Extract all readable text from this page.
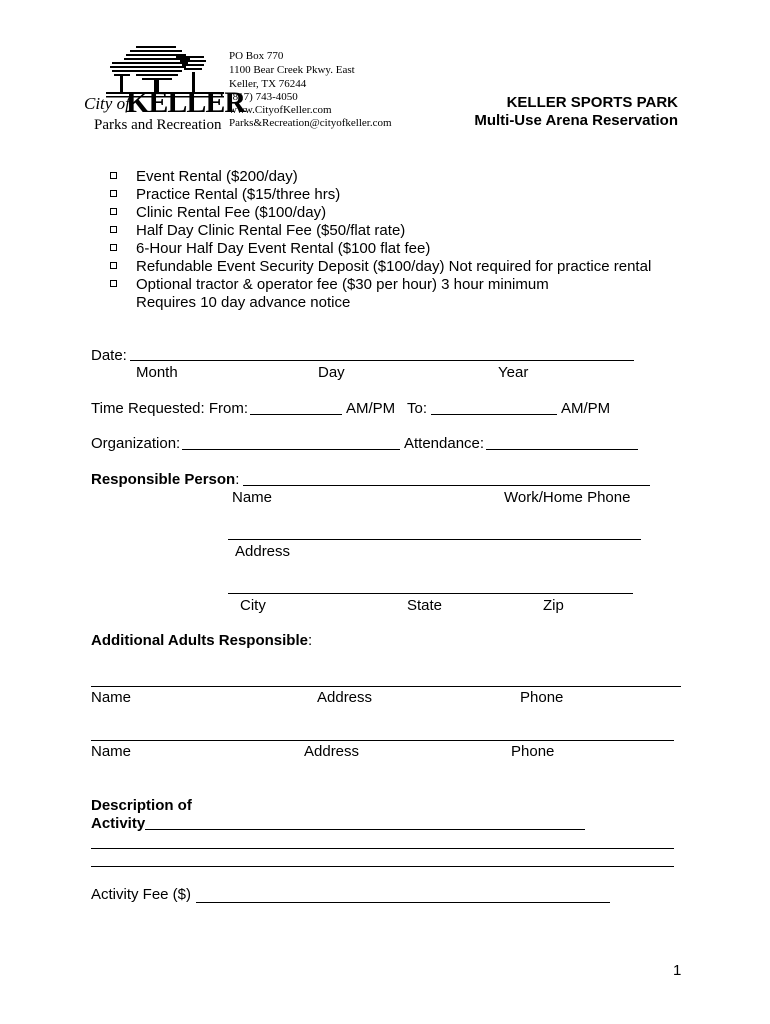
City of
KELLER
Parks and Recreation
PO Box 770
1100 Bear Creek Pkwy. East
Keller, TX 76244
(817) 743-4050
www.CityofKeller.com
Parks&Recreation@cityofkeller.com
KELLER SPORTS PARK
Multi-Use Arena Reservation
Event Rental ($200/day)
Practice Rental ($15/three hrs)
Clinic Rental Fee ($100/day)
Half Day Clinic Rental Fee ($50/flat rate)
6-Hour Half Day Event Rental ($100 flat fee)
Refundable Event Security Deposit ($100/day) Not required for practice rental
Optional tractor & operator fee ($30 per hour) 3 hour minimum
Requires 10 day advance notice
Date:
Month	Day	Year
Time Requested: From:	AM/PM To:	AM/PM
Organization:	Attendance:
Responsible Person:
Name	Work/Home Phone
Address
City	State	Zip
Additional Adults Responsible:
Name	Address	Phone
Name	Address	Phone
Description of
Activity
Activity Fee ($)
1
